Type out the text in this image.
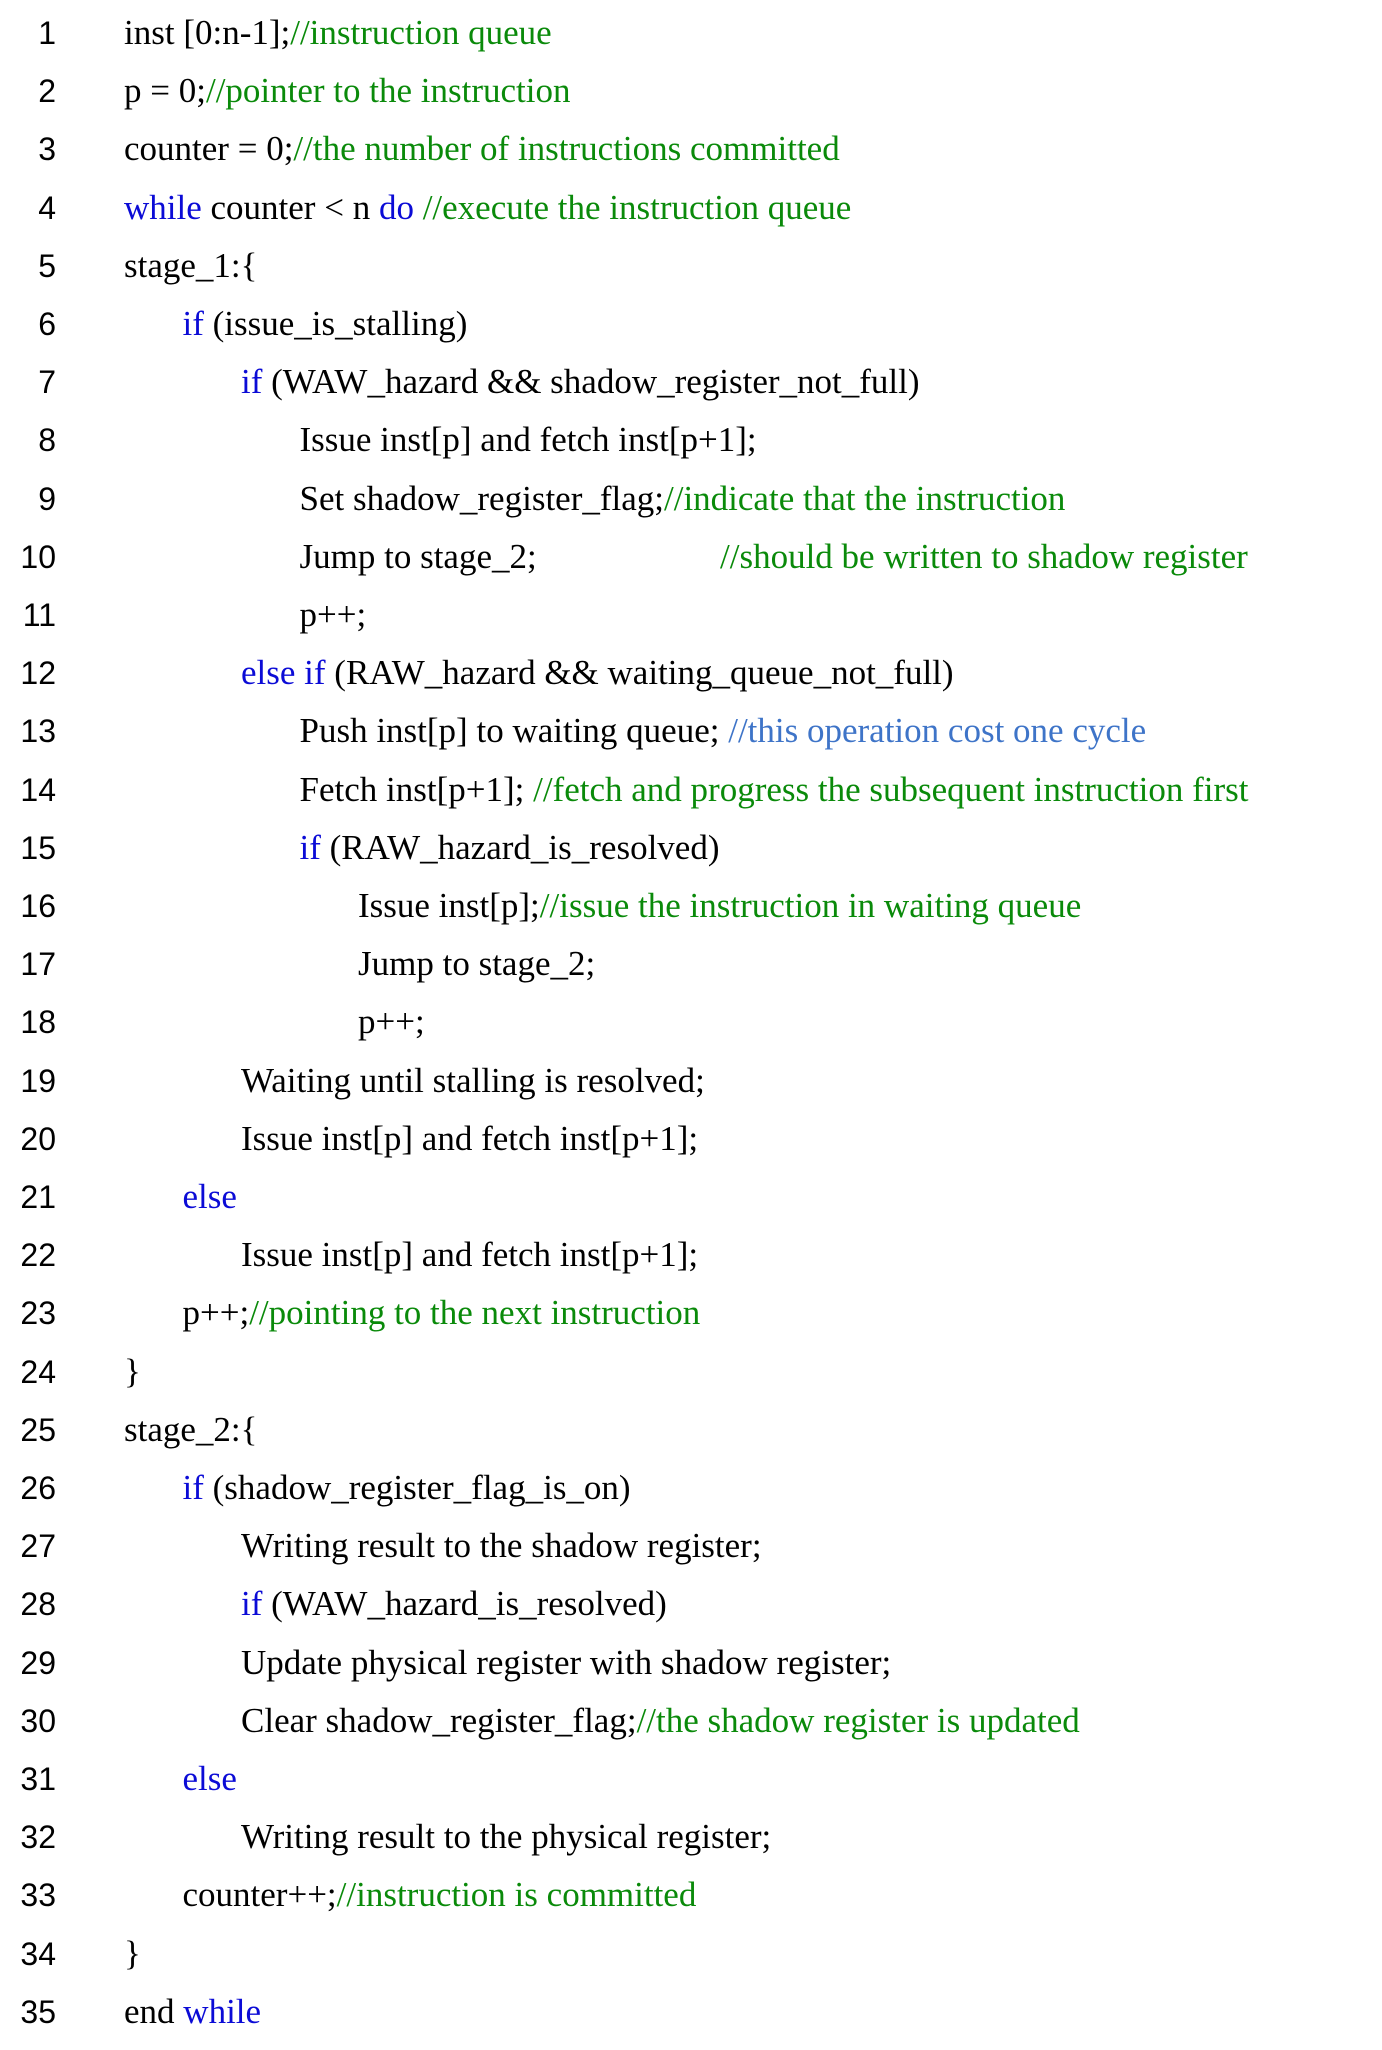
1 inst [0:n-1];//instruction queue
2 p = 0;//pointer to the instruction
3 counter = 0;//the number of instructions committed
4 while counter < n do //execute the instruction queue
5 stage_1:{
6	if (issue_is_stalling)
7	if (WAW_hazard && shadow_register_not_full)
8	Issue inst[p] and fetch inst[p+1];
9	Set shadow_register_flag;//indicate that the instruction
10	Jump to stage_2;	//should be written to shadow register
11	p++;
12	else if (RAW_hazard && waiting_queue_not_full)
13	Push inst[p] to waiting queue; //this operation cost one cycle
14	Fetch inst[p+1]; //fetch and progress the subsequent instruction first
15	if (RAW_hazard_is_resolved)
16	Issue inst[p];//issue the instruction in waiting queue
17	Jump to stage_2;
18	p++;
19	Waiting until stalling is resolved;
20	Issue inst[p] and fetch inst[p+1];
21	else
22	Issue inst[p] and fetch inst[p+1];
23	p++;//pointing to the next instruction
24 }
25 stage_2:{
26	if (shadow_register_flag_is_on)
27	Writing result to the shadow register;
28	if (WAW_hazard_is_resolved)
29	Update physical register with shadow register;
30	Clear shadow_register_flag;//the shadow register is updated
31	else
32	Writing result to the physical register;
33	counter++;//instruction is committed
34 }
35 end while
